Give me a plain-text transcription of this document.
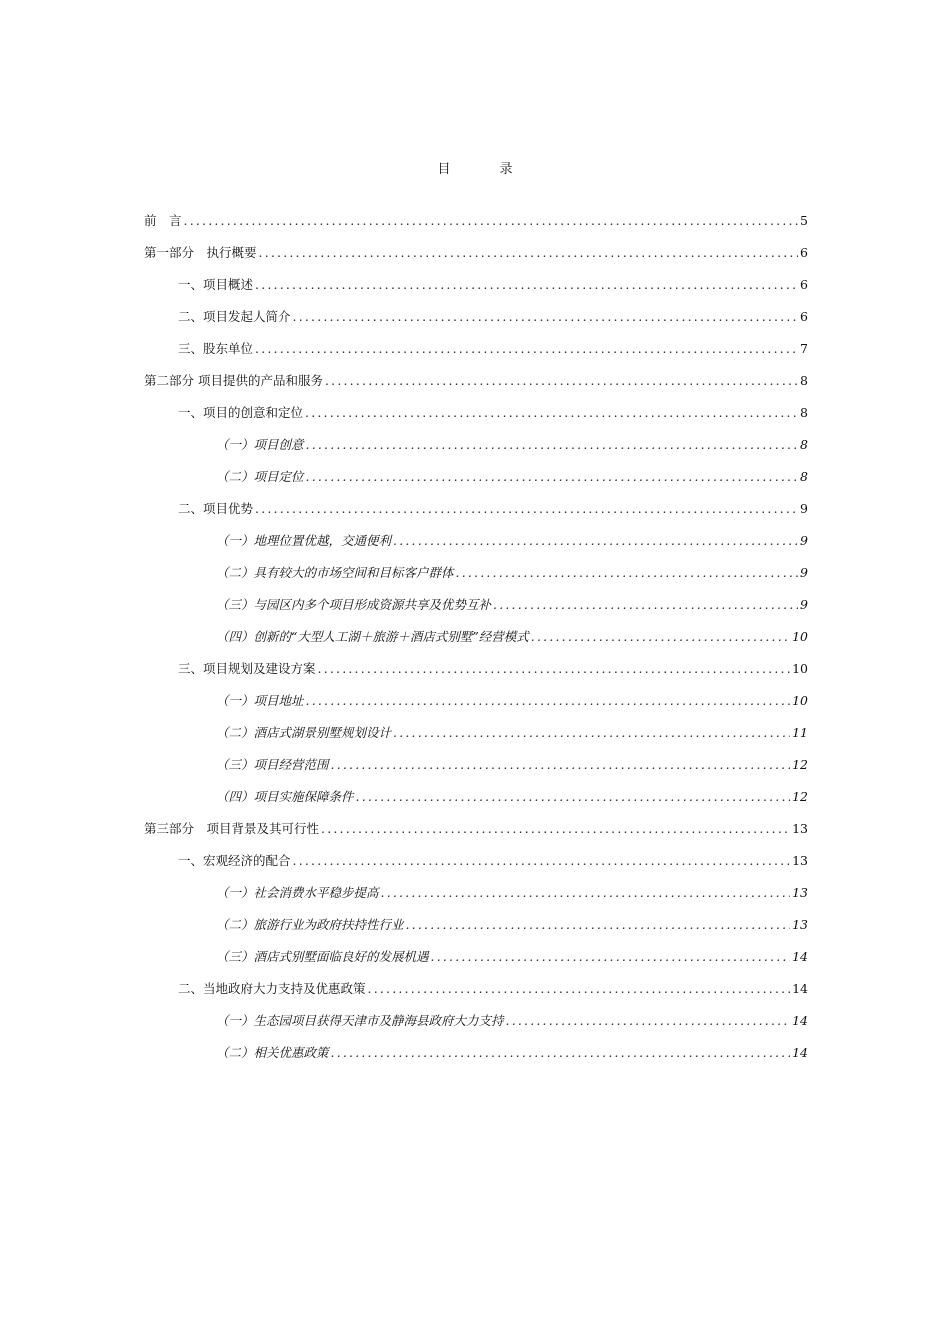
目　录
前　言 .....	5
第一部分　执行概要 .....	6
一、项目概述 .....	6
二、项目发起人简介 .....	6
三、股东单位 .....	7
第二部分 项目提供的产品和服务 .....	8
一、项目的创意和定位 .....	8
（一）项目创意 .....	8
（二）项目定位 .....	8
二、项目优势 .....	9
（一）地理位置优越，交通便利 .....	9
（二）具有较大的市场空间和目标客户群体 .....	9
（三）与园区内多个项目形成资源共享及优势互补 .....	9
（四）创新的“大型人工湖＋旅游＋酒店式别墅”经营模式 .....	10
三、项目规划及建设方案 .....	10
（一）项目地址 .....	10
（二）酒店式湖景别墅规划设计 .....	11
（三）项目经营范围 .....	12
（四）项目实施保障条件 .....	12
第三部分　项目背景及其可行性 .....	13
一、宏观经济的配合 .....	13
（一）社会消费水平稳步提高 .....	13
（二）旅游行业为政府扶持性行业 .....	13
（三）酒店式别墅面临良好的发展机遇 .....	14
二、当地政府大力支持及优惠政策 .....	14
（一）生态园项目获得天津市及静海县政府大力支持 .....	14
（二）相关优惠政策 .....	14
